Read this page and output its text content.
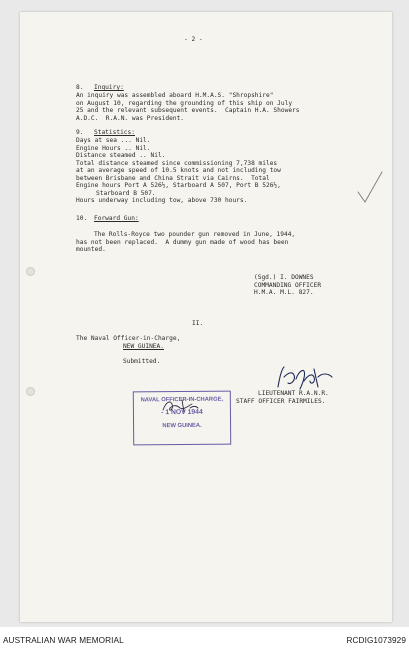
- 2 -
8. Inquiry:
An inquiry was assembled aboard H.M.A.S. "Shropshire"
on August 10, regarding the grounding of this ship on July
25 and the relevant subsequent events.  Captain H.A. Showers
A.D.C.  R.A.N. was President.
9. Statistics:
Days at sea ... Nil.
Engine Hours .. Nil.
Distance steamed .. Nil.
Total distance steamed since commissioning 7,738 miles
at an average speed of 10.5 knots and not including tow
between Brisbane and China Strait via Cairns.  Total
Engine hours Port A 526½, Starboard A 507, Port B 526½,
Starboard B 507.
Hours underway including tow, above 730 hours.
10. Forward Gun:
The Rolls-Royce two pounder gun removed in June, 1944,
has not been replaced.  A dummy gun made of wood has been
mounted.
(Sgd.) I. DOWNES
COMMANDING OFFICER
H.M.A. M.L. 827.
II.
The Naval Officer-in-Charge,
NEW GUINEA.
Submitted.
LIEUTENANT R.A.N.R.
STAFF OFFICER FAIRMILES.
NAVAL OFFICER-IN-CHARGE,
- 1 NOV 1944
NEW GUINEA.
AUSTRALIAN WAR MEMORIAL	RCDIG1073929
